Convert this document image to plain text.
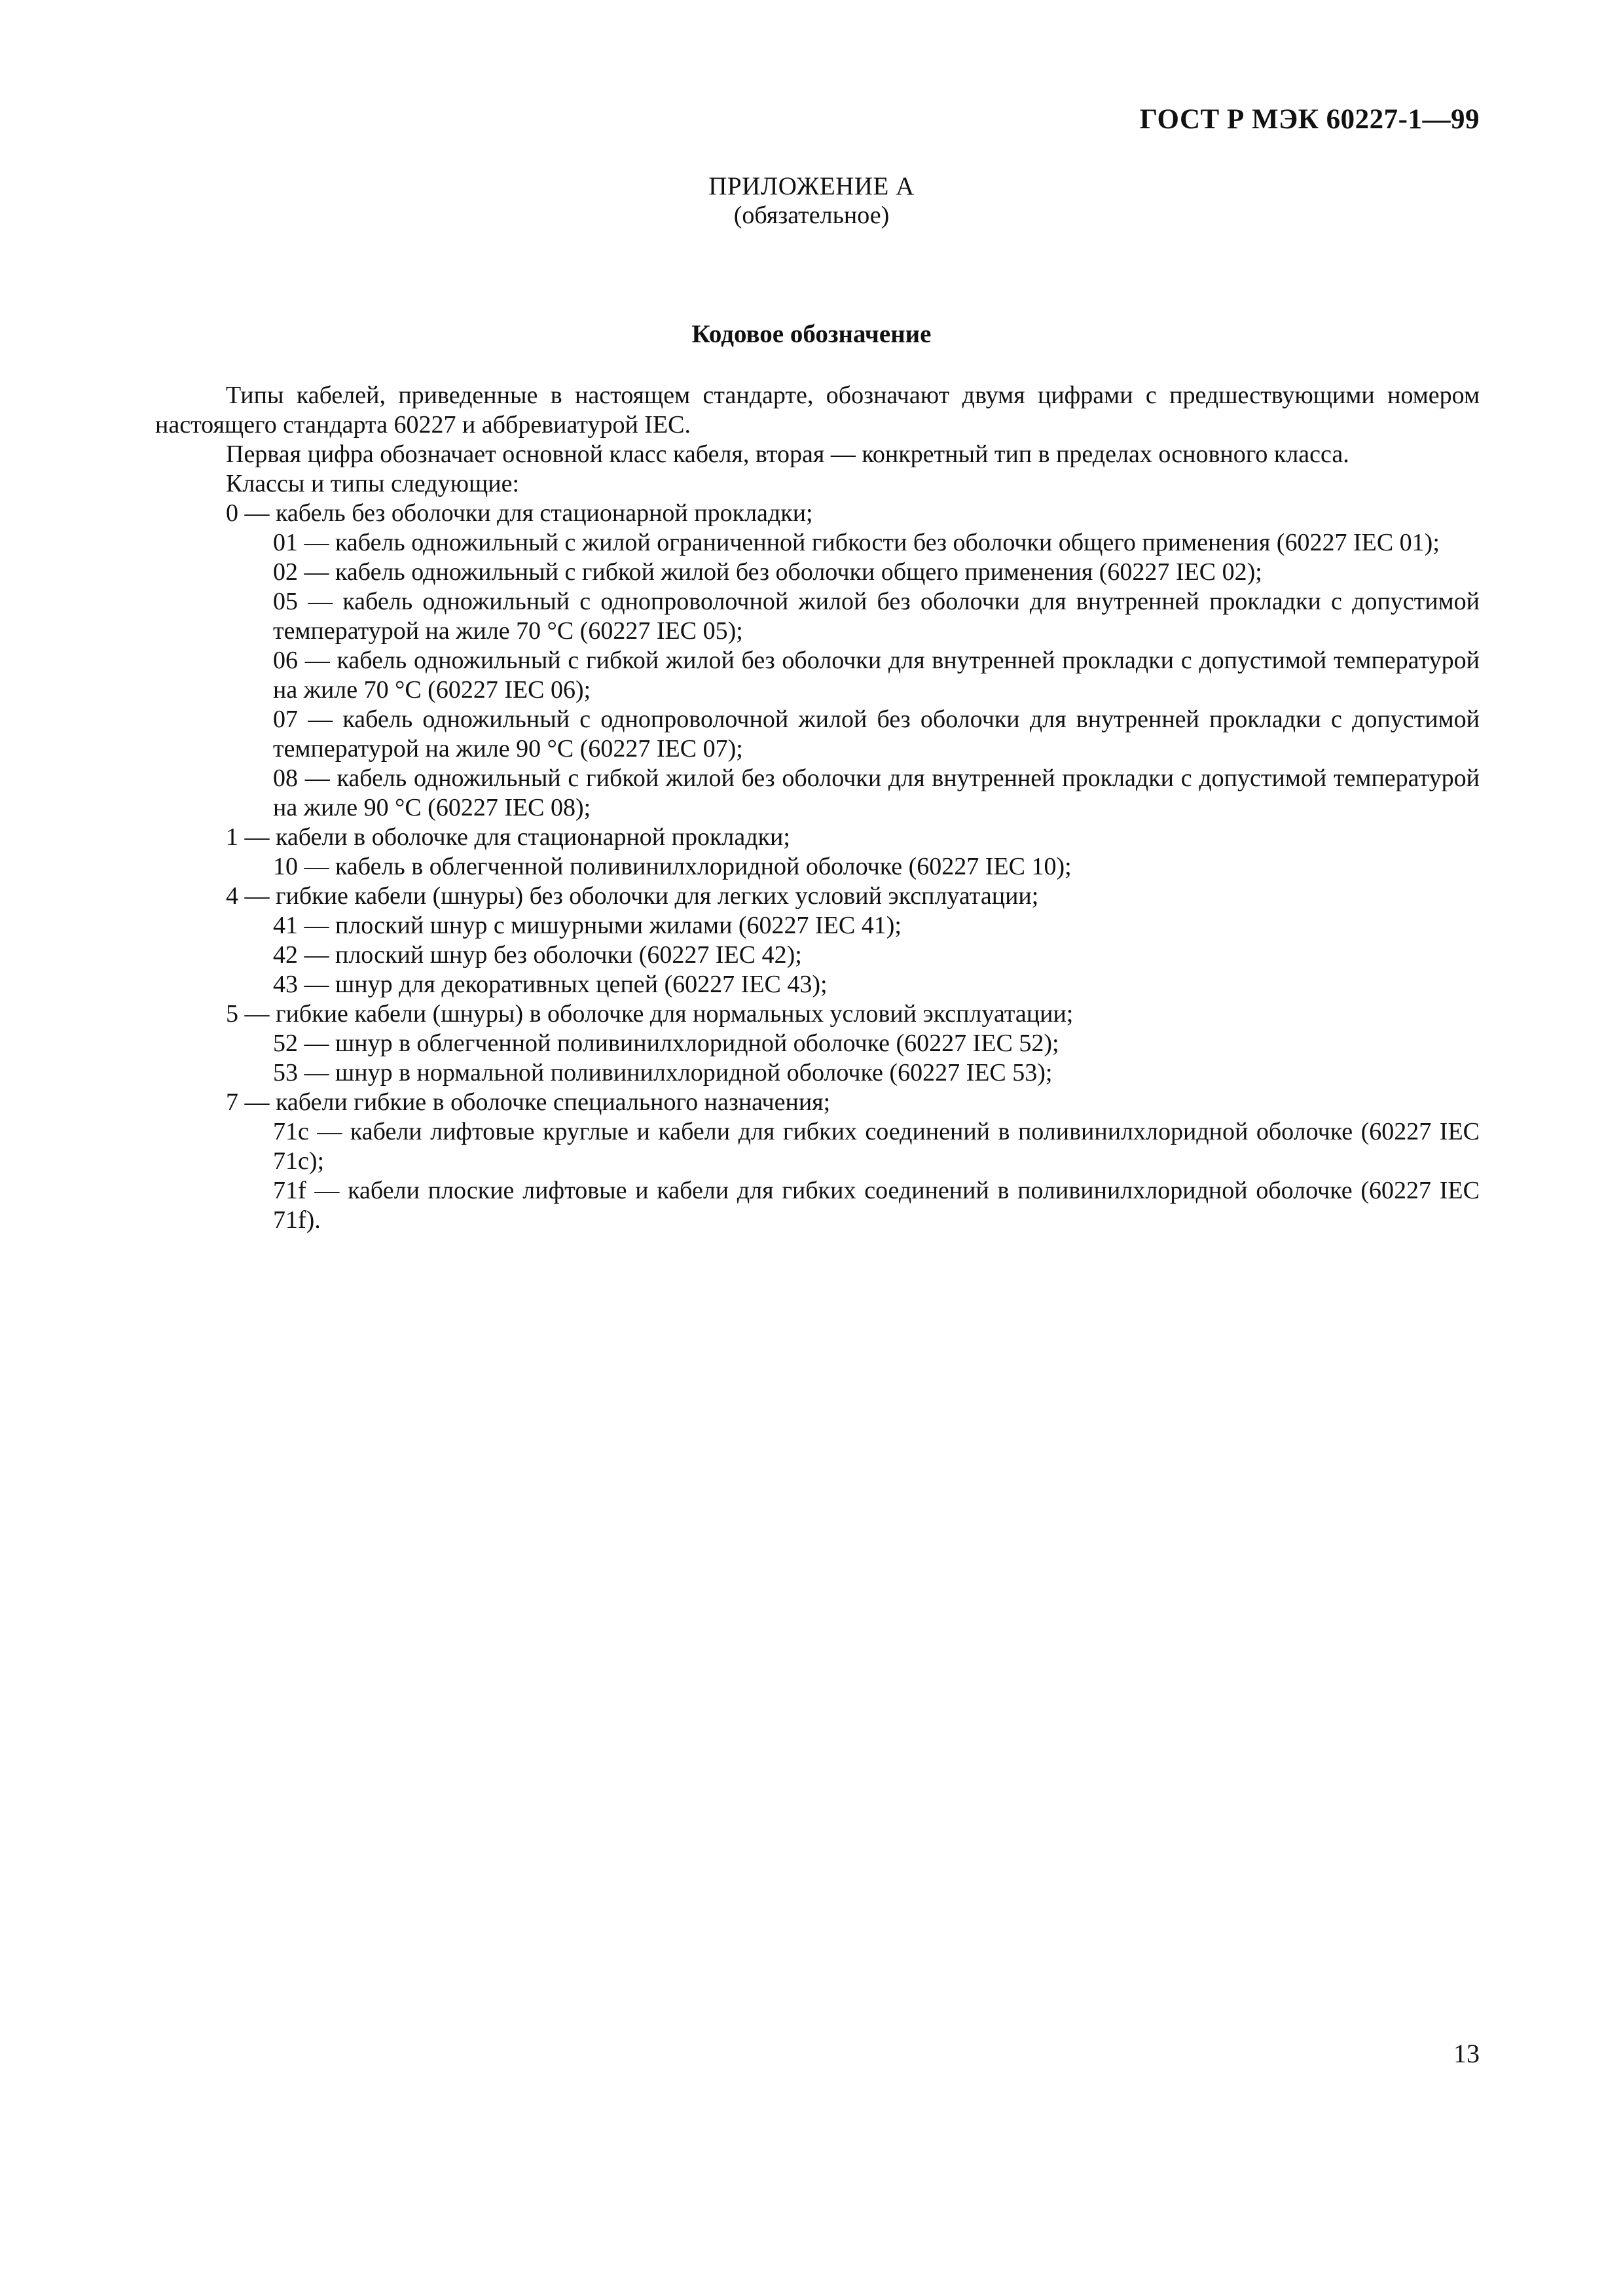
ГОСТ Р МЭК 60227-1—99
ПРИЛОЖЕНИЕ А
(обязательное)
Кодовое обозначение

Типы кабелей, приведенные в настоящем стандарте, обозначают двумя цифрами с предшествующими номером настоящего стандарта 60227 и аббревиатурой IEC.

Первая цифра обозначает основной класс кабеля, вторая — конкретный тип в пределах основного класса.

Классы и типы следующие:

0 — кабель без оболочки для стационарной прокладки;

01 — кабель одножильный с жилой ограниченной гибкости без оболочки общего применения (60227 IEC 01);

02 — кабель одножильный с гибкой жилой без оболочки общего применения (60227 IEC 02);

05 — кабель одножильный с однопроволочной жилой без оболочки для внутренней прокладки с допустимой температурой на жиле 70 °С (60227 IEC 05);

06 — кабель одножильный с гибкой жилой без оболочки для внутренней прокладки с допустимой температурой на жиле 70 °С (60227 IEC 06);

07 — кабель одножильный с однопроволочной жилой без оболочки для внутренней прокладки с допустимой температурой на жиле 90 °С (60227 IEC 07);

08 — кабель одножильный с гибкой жилой без оболочки для внутренней прокладки с допустимой температурой на жиле 90 °С (60227 IEC 08);

1 — кабели в оболочке для стационарной прокладки;

10 — кабель в облегченной поливинилхлоридной оболочке (60227 IEC 10);

4 — гибкие кабели (шнуры) без оболочки для легких условий эксплуатации;

41 — плоский шнур с мишурными жилами (60227 IEC 41);

42 — плоский шнур без оболочки (60227 IEC 42);

43 — шнур для декоративных цепей (60227 IEC 43);

5 — гибкие кабели (шнуры) в оболочке для нормальных условий эксплуатации;

52 — шнур в облегченной поливинилхлоридной оболочке (60227 IEC 52);

53 — шнур в нормальной поливинилхлоридной оболочке (60227 IEC 53);

7 — кабели гибкие в оболочке специального назначения;

71c — кабели лифтовые круглые и кабели для гибких соединений в поливинилхлоридной оболочке (60227 IEC 71c);

71f — кабели плоские лифтовые и кабели для гибких соединений в поливинилхлоридной оболочке (60227 IEC 71f).

13
